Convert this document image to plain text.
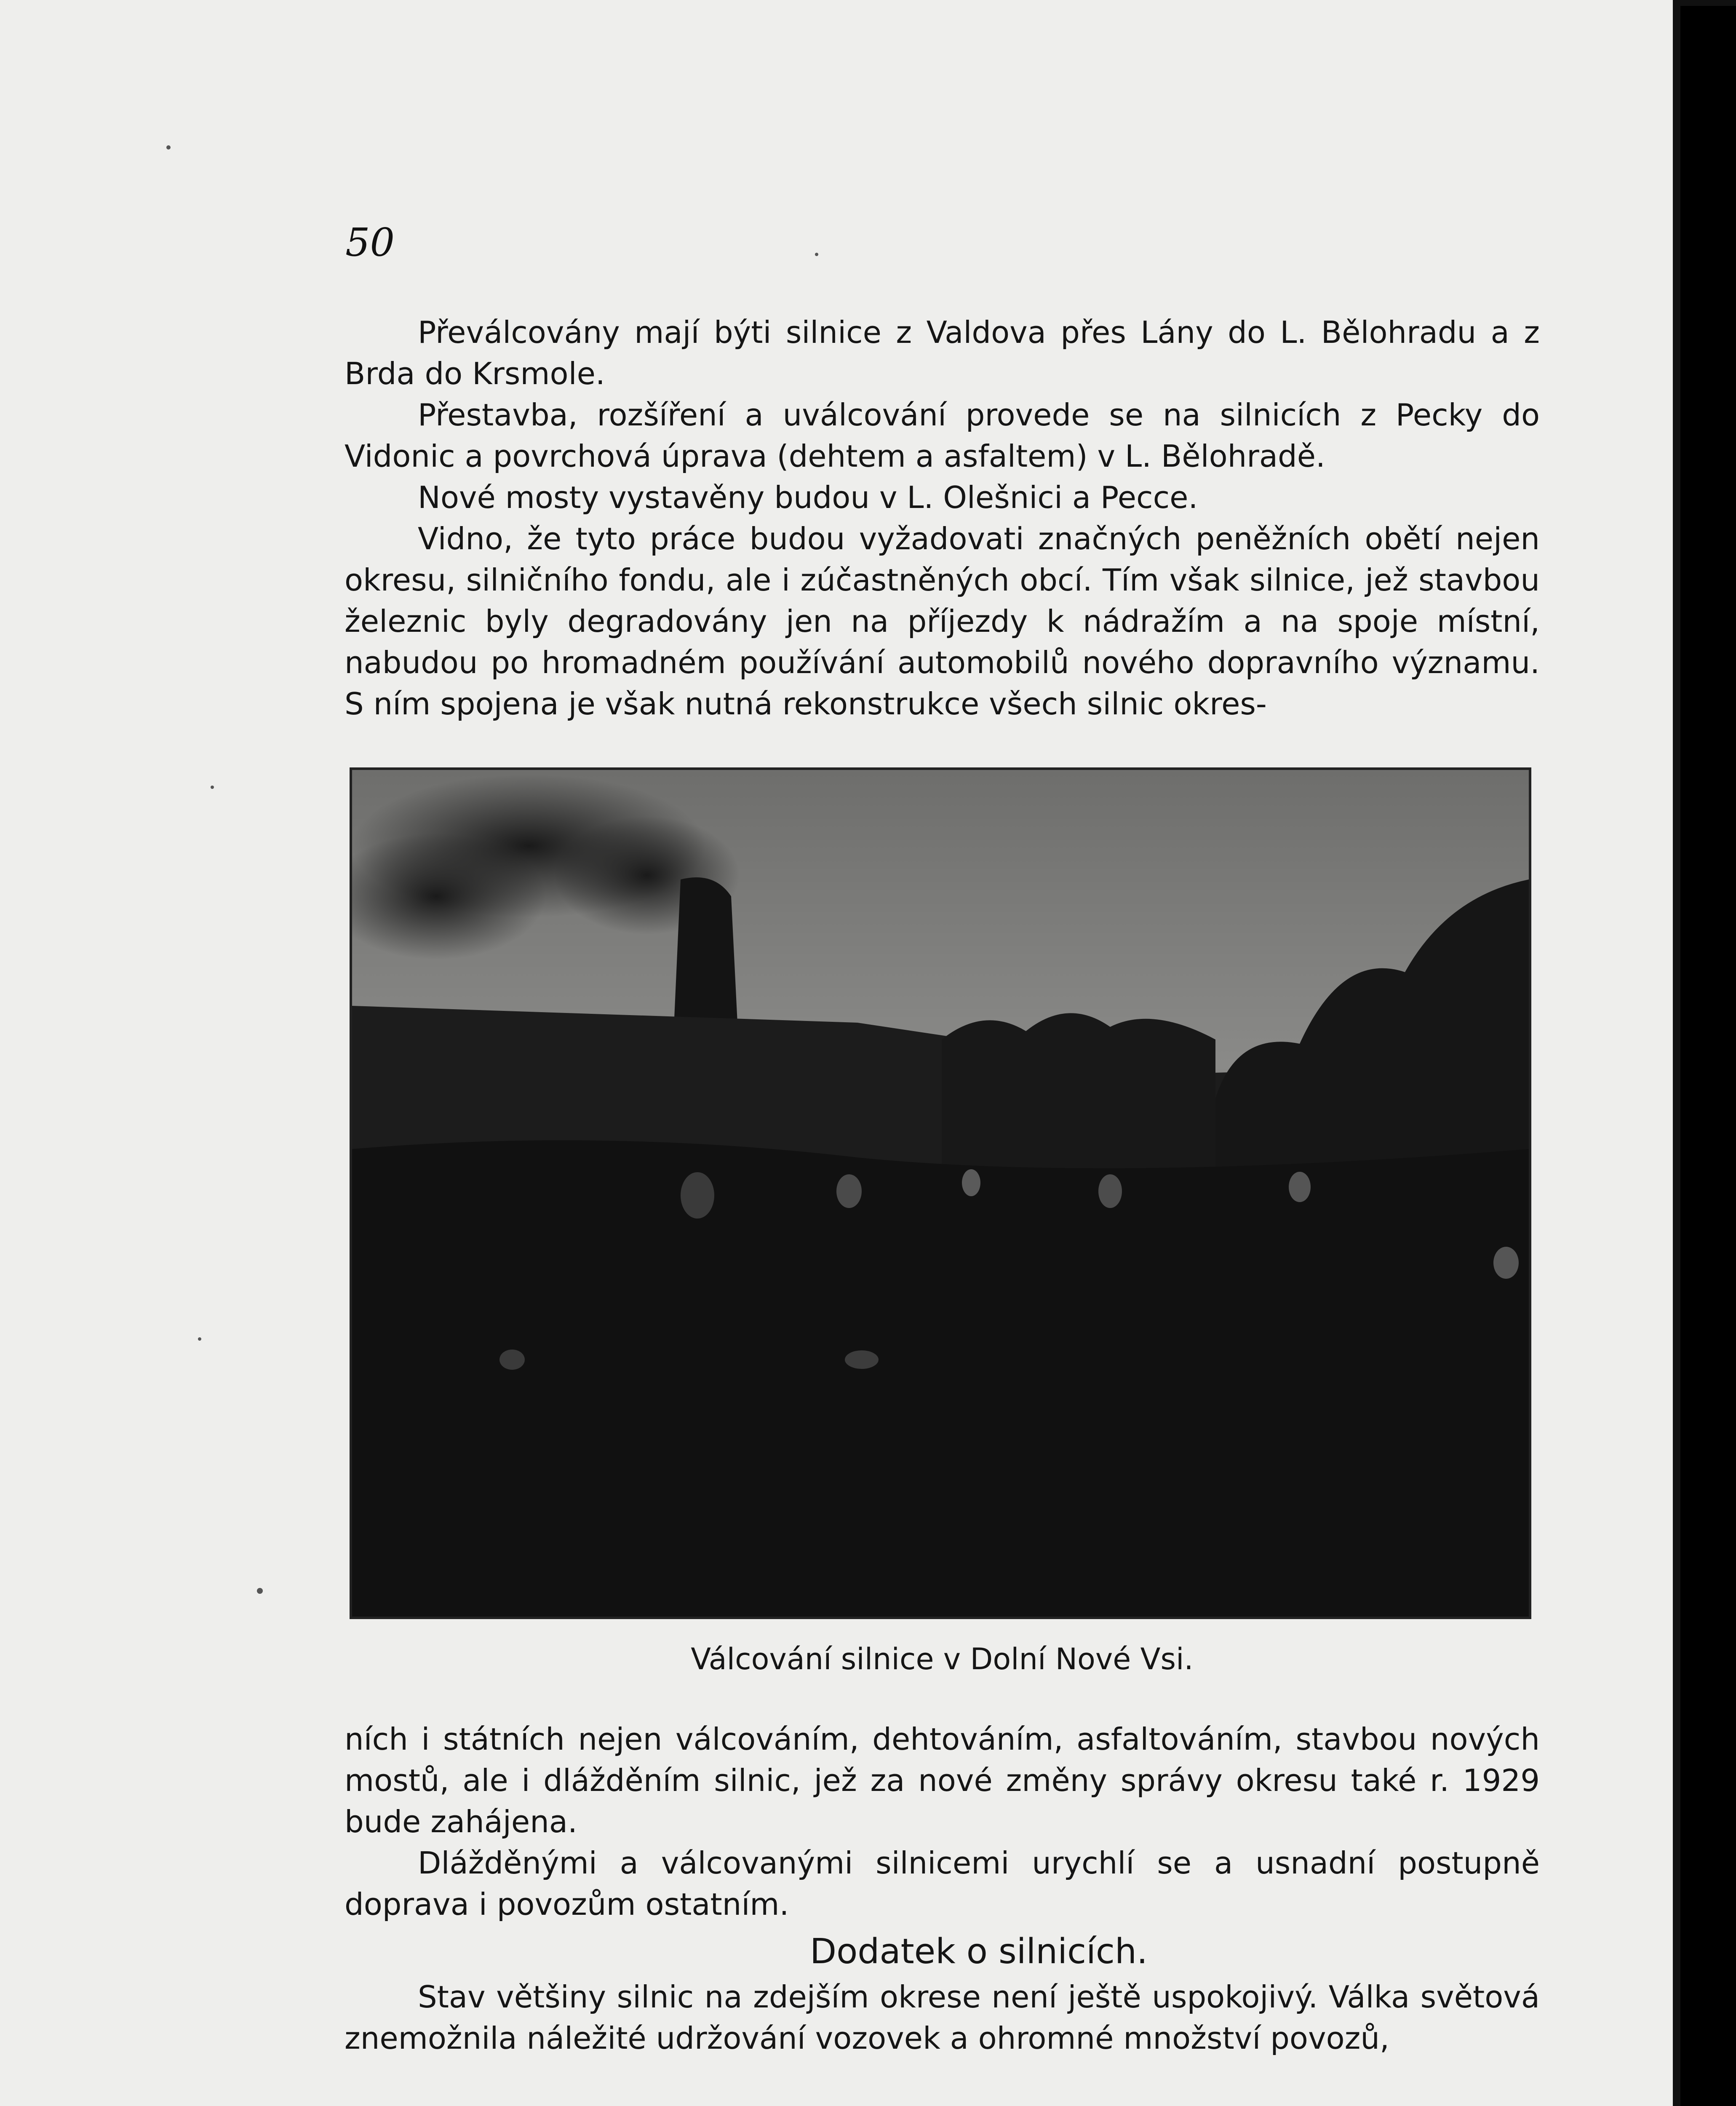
50

Převálcovány mají býti silnice z Valdova přes Lány do L. Bělohradu a z Brda do Krsmole.

Přestavba, rozšíření a uválcování provede se na silnicích z Pecky do Vidonic a povrchová úprava (dehtem a asfaltem) v L. Bělohradě.

Nové mosty vystavěny budou v L. Olešnici a Pecce.

Vidno, že tyto práce budou vyžadovati značných peněžních obětí nejen okresu, silničního fondu, ale i zúčastněných obcí. Tím však silnice, jež stavbou železnic byly degradovány jen na příjezdy k nádražím a na spoje místní, nabudou po hromadném používání automobilů nového dopravního významu. S ním spojena je však nutná rekonstrukce všech silnic okres-

Válcování silnice v Dolní Nové Vsi.

ních i státních nejen válcováním, dehtováním, asfaltováním, stavbou nových mostů, ale i dlážděním silnic, jež za nové změny správy okresu také r. 1929 bude zahájena.

Dlážděnými a válcovanými silnicemi urychlí se a usnadní postupně doprava i povozům ostatním.

Dodatek o silnicích.

Stav většiny silnic na zdejším okrese není ještě uspokojivý. Válka světová znemožnila náležité udržování vozovek a ohromné množství povozů,
